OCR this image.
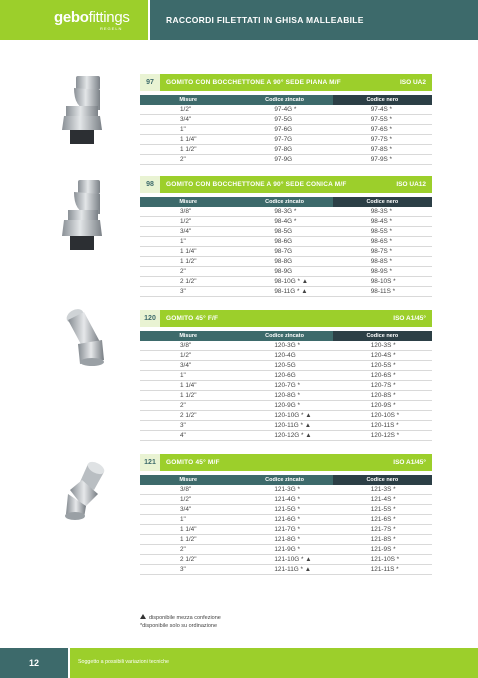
gebofittings
REGELN
RACCORDI FILETTATI IN GHISA MALLEABILE
97	GOMITO CON BOCCHETTONE A 90° SEDE PIANA M/F	ISO UA2
Misure	Codice zincato	Codice nero
1/2"	97-4G *	97-4S *
3/4"	97-5G	97-5S *
1"	97-6G	97-6S *
1 1/4"	97-7G	97-7S *
1 1/2"	97-8G	97-8S *
2"	97-9G	97-9S *
98	GOMITO CON BOCCHETTONE A 90° SEDE CONICA M/F	ISO UA12
Misure	Codice zincato	Codice nero
3/8"	98-3G *	98-3S *
1/2"	98-4G *	98-4S *
3/4"	98-5G	98-5S *
1"	98-6G	98-6S *
1 1/4"	98-7G	98-7S *
1 1/2"	98-8G	98-8S *
2"	98-9G	98-9S *
2 1/2"	98-10G * ▲	98-10S *
3"	98-11G * ▲	98-11S *
120	GOMITO 45° F/F	ISO A1/45°
Misure	Codice zincato	Codice nero
3/8"	120-3G *	120-3S *
1/2"	120-4G	120-4S *
3/4"	120-5G	120-5S *
1"	120-6G	120-6S *
1 1/4"	120-7G *	120-7S *
1 1/2"	120-8G *	120-8S *
2"	120-9G *	120-9S *
2 1/2"	120-10G * ▲	120-10S *
3"	120-11G * ▲	120-11S *
4"	120-12G * ▲	120-12S *
121	GOMITO 45° M/F	ISO A1/45°
Misure	Codice zincato	Codice nero
3/8"	121-3G *	121-3S *
1/2"	121-4G *	121-4S *
3/4"	121-5G *	121-5S *
1"	121-6G *	121-6S *
1 1/4"	121-7G *	121-7S *
1 1/2"	121-8G *	121-8S *
2"	121-9G *	121-9S *
2 1/2"	121-10G * ▲	121-10S *
3"	121-11G * ▲	121-11S *
disponibile mezza confezione
*disponibile solo su ordinazione
12	Soggetto a possibili variazioni tecniche
